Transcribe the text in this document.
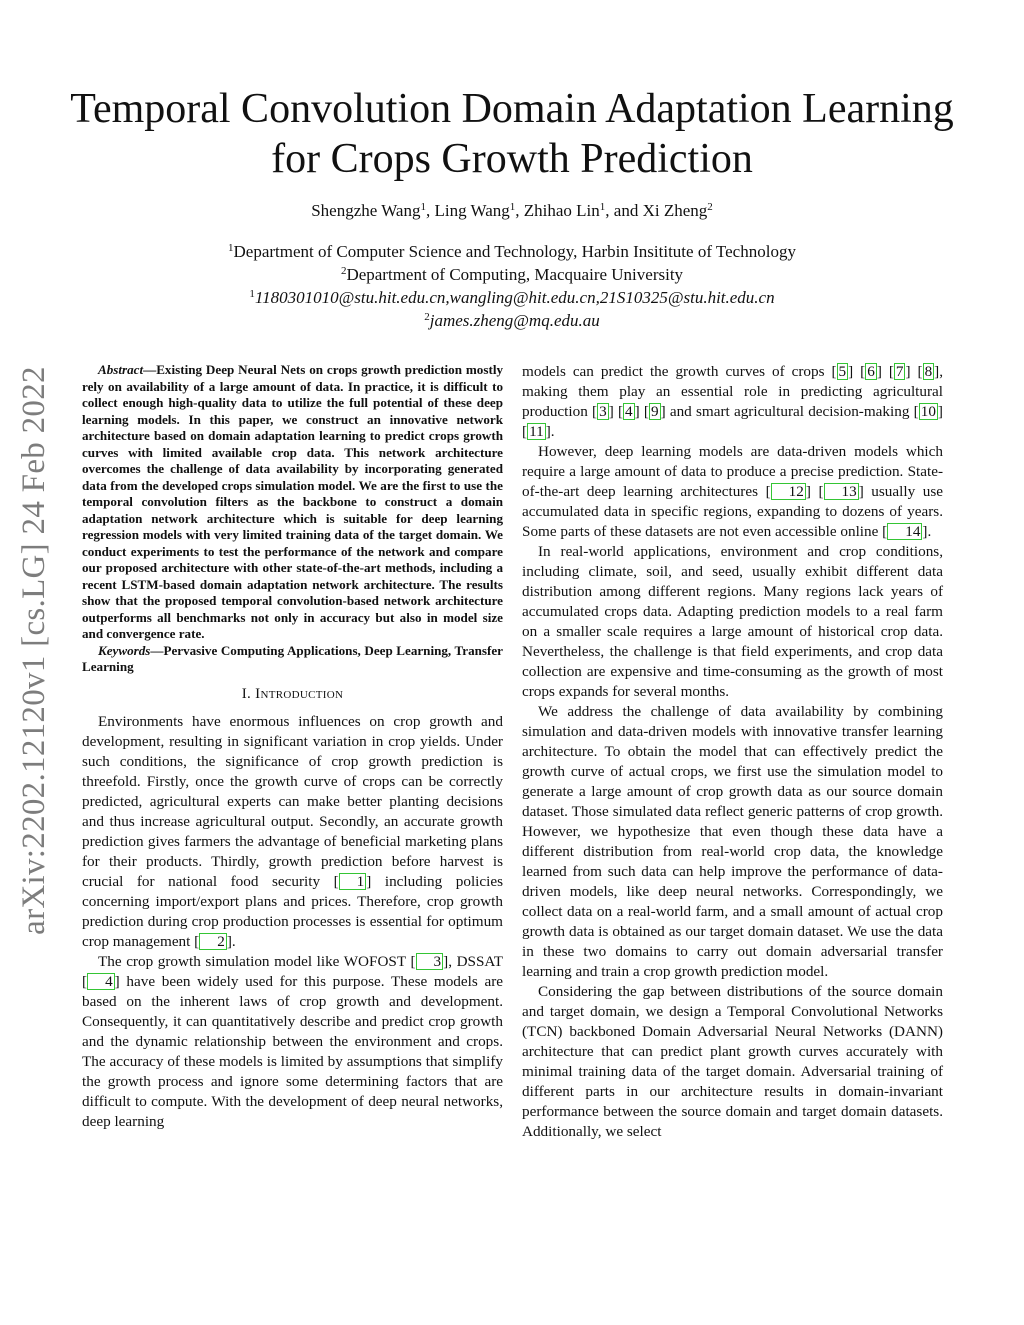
arXiv:2202.12120v1 [cs.LG] 24 Feb 2022
Temporal Convolution Domain Adaptation Learning
for Crops Growth Prediction
Shengzhe Wang$^1$, Ling Wang$^1$, Zhihao Lin$^1$, and Xi Zheng$^2$
$^1$Department of Computer Science and Technology, Harbin Insititute of Technology
$^2$Department of Computing, Macquaire University
$^1$1180301010@stu.hit.edu.cn,wangling@hit.edu.cn,21S10325@stu.hit.edu.cn
$^2$james.zheng@mq.edu.au

Abstract—Existing Deep Neural Nets on crops growth prediction mostly rely on availability of a large amount of data. In practice, it is difficult to collect enough high-quality data to utilize the full potential of these deep learning models. In this paper, we construct an innovative network architecture based on domain adaptation learning to predict crops growth curves with limited available crop data. This network architecture overcomes the challenge of data availability by incorporating generated data from the developed crops simulation model. We are the first to use the temporal convolution filters as the backbone to construct a domain adaptation network architecture which is suitable for deep learning regression models with very limited training data of the target domain. We conduct experiments to test the performance of the network and compare our proposed architecture with other state-of-the-art methods, including a recent LSTM-based domain adaptation network architecture. The results show that the proposed temporal convolution-based network architecture outperforms all benchmarks not only in accuracy but also in model size and convergence rate.

Keywords—Pervasive Computing Applications, Deep Learning, Transfer Learning

I. Introduction

Environments have enormous influences on crop growth and development, resulting in significant variation in crop yields. Under such conditions, the significance of crop growth prediction is threefold. Firstly, once the growth curve of crops can be correctly predicted, agricultural experts can make better planting decisions and thus increase agricultural output. Secondly, an accurate growth prediction gives farmers the advantage of beneficial marketing plans for their products. Thirdly, growth prediction before harvest is crucial for national food security [ 1 ] including policies concerning import/export plans and prices. Therefore, crop growth prediction during crop production processes is essential for optimum crop management [ 2 ].

The crop growth simulation model like WOFOST [ 3 ], DSSAT [ 4 ] have been widely used for this purpose. These models are based on the inherent laws of crop growth and development. Consequently, it can quantitatively describe and predict crop growth and the dynamic relationship between the environment and crops. The accuracy of these models is limited by assumptions that simplify the growth process and ignore some determining factors that are difficult to compute. With the development of deep neural networks, deep learning

models can predict the growth curves of crops [ 5 ] [ 6 ] [ 7 ] [ 8 ], making them play an essential role in predicting agricultural production [ 3 ] [ 4 ] [ 9 ] and smart agricultural decision-making [ 10 ] [ 11 ].

However, deep learning models are data-driven models which require a large amount of data to produce a precise prediction. State-of-the-art deep learning architectures [ 12 ] [ 13 ] usually use accumulated data in specific regions, expanding to dozens of years. Some parts of these datasets are not even accessible online [ 14 ].

In real-world applications, environment and crop conditions, including climate, soil, and seed, usually exhibit different data distribution among different regions. Many regions lack years of accumulated crops data. Adapting prediction models to a real farm on a smaller scale requires a large amount of historical crop data. Nevertheless, the challenge is that field experiments, and crop data collection are expensive and time-consuming as the growth of most crops expands for several months.

We address the challenge of data availability by combining simulation and data-driven models with innovative transfer learning architecture. To obtain the model that can effectively predict the growth curve of actual crops, we first use the simulation model to generate a large amount of crop growth data as our source domain dataset. Those simulated data reflect generic patterns of crop growth. However, we hypothesize that even though these data have a different distribution from real-world crop data, the knowledge learned from such data can help improve the performance of data-driven models, like deep neural networks. Correspondingly, we collect data on a real-world farm, and a small amount of actual crop growth data is obtained as our target domain dataset. We use the data in these two domains to carry out domain adversarial transfer learning and train a crop growth prediction model.

Considering the gap between distributions of the source domain and target domain, we design a Temporal Convolutional Networks (TCN) backboned Domain Adversarial Neural Networks (DANN) architecture that can predict plant growth curves accurately with minimal training data of the target domain. Adversarial training of different parts in our architecture results in domain-invariant performance between the source domain and target domain datasets. Additionally, we select
